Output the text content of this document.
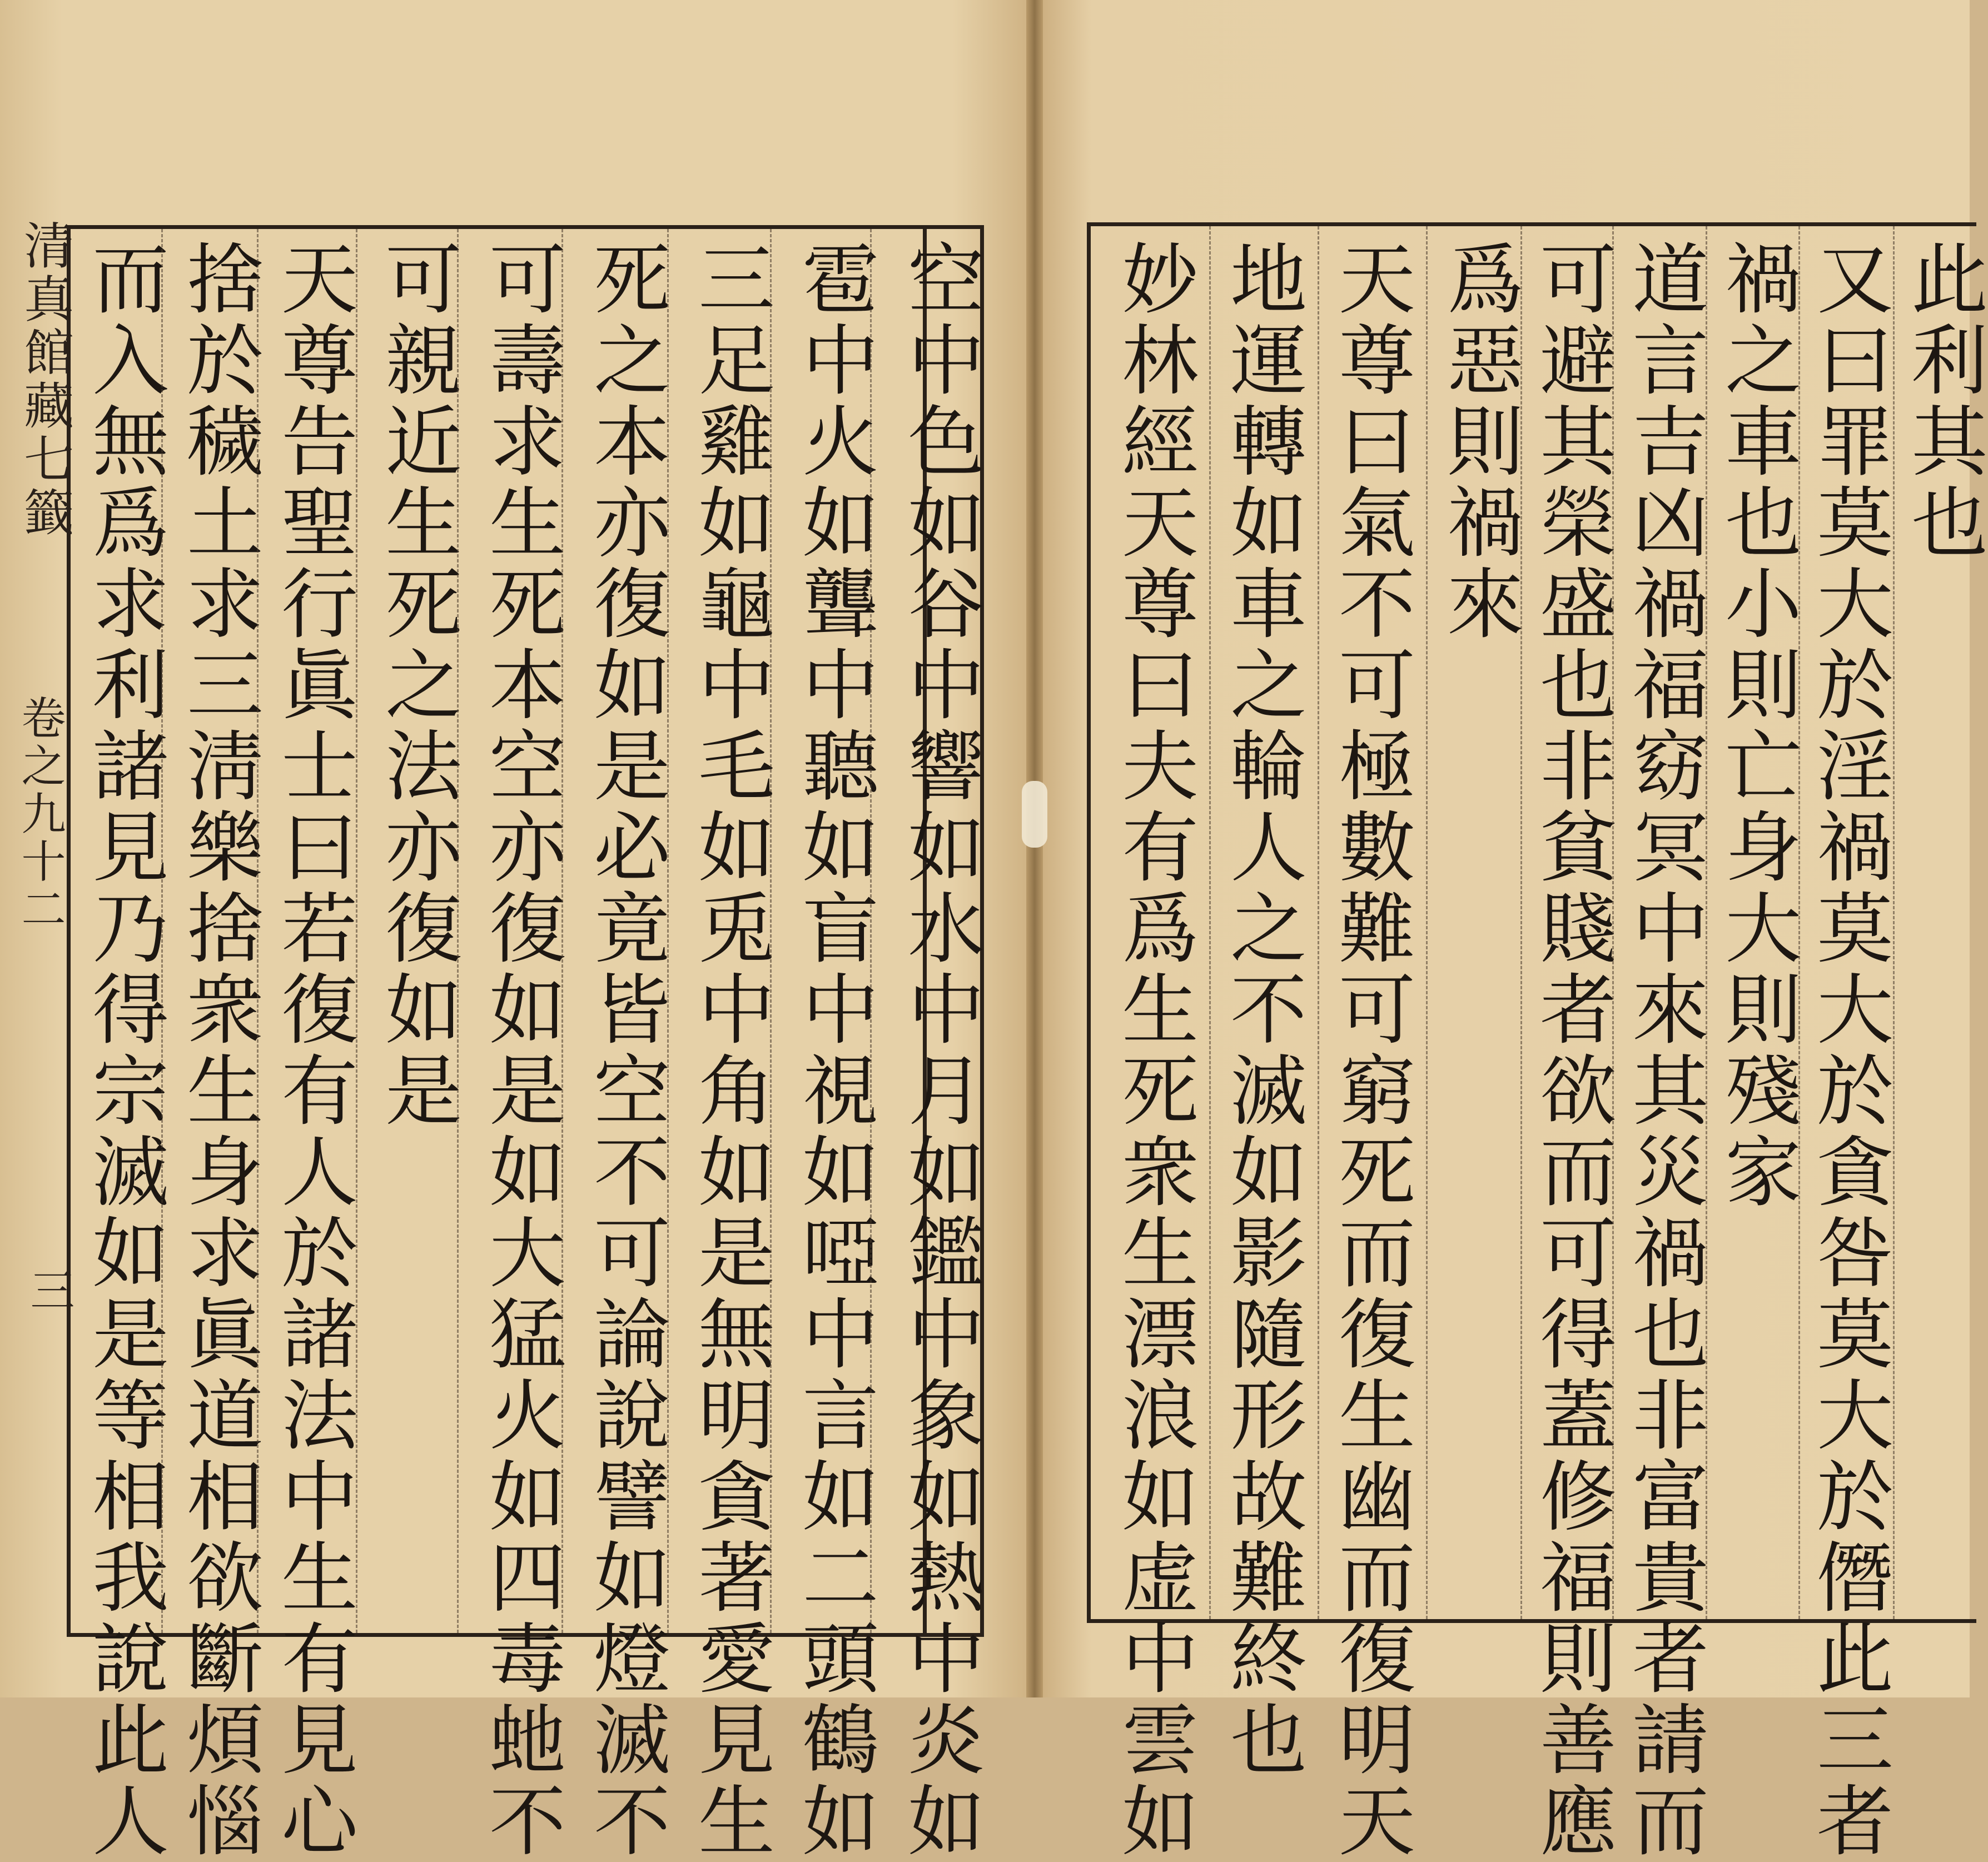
清真館藏七籤
卷之九十二
三	空中色如谷中響如水中月如鑑中象如熱中炎如
雹中火如聾中聽如盲中視如啞中言如二頭鶴如
三足雞如龜中毛如兎中角如是無明貪著愛見生
死之本亦復如是必竟皆空不可論說譬如燈滅不
可壽求生死本空亦復如是如大猛火如四毒虵不
可親近生死之法亦復如是
天尊告聖行眞士曰若復有人於諸法中生有見心
捨於穢土求三淸樂捨衆生身求眞道相欲斷煩惱
而入無爲求利諸見乃得宗滅如是等相我說此人	此利其也
又曰罪莫大於淫禍莫大於貪咎莫大於僭此三者
禍之車也小則亡身大則殘家
道言吉凶禍福窈冥中來其災禍也非富貴者請而
可避其榮盛也非貧賤者欲而可得蓋修福則善應
爲惡則禍來
天尊曰氣不可極數難可窮死而復生幽而復明天
地運轉如車之輪人之不滅如影隨形故難終也
妙林經天尊曰夫有爲生死衆生漂浪如虚中雲如
